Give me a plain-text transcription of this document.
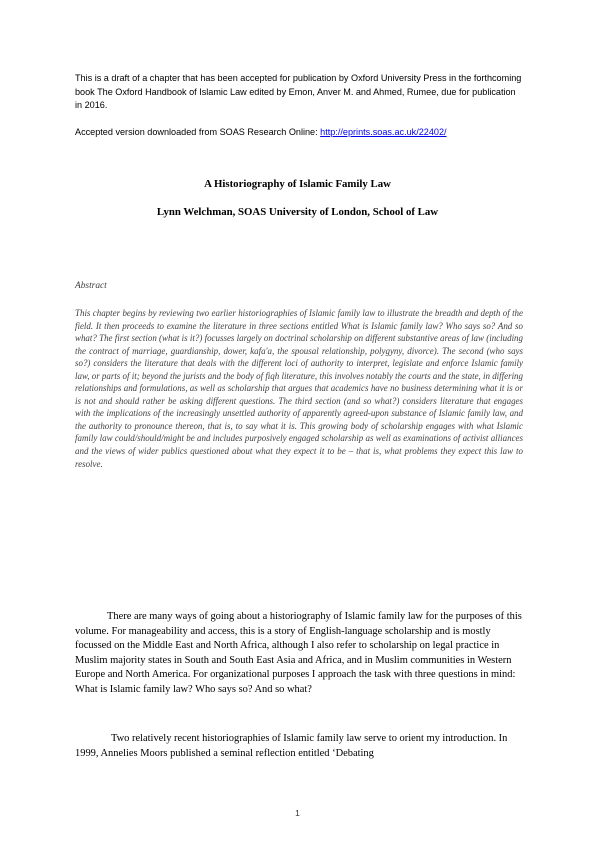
This is a draft of a chapter that has been accepted for publication by Oxford University Press in the forthcoming book The Oxford Handbook of Islamic Law edited by Emon, Anver M. and Ahmed, Rumee, due for publication in 2016.

Accepted version downloaded from SOAS Research Online: http://eprints.soas.ac.uk/22402/

A Historiography of Islamic Family Law
Lynn Welchman, SOAS University of London, School of Law

Abstract

This chapter begins by reviewing two earlier historiographies of Islamic family law to illustrate the breadth and depth of the field. It then proceeds to examine the literature in three sections entitled What is Islamic family law? Who says so? And so what? The first section (what is it?) focusses largely on doctrinal scholarship on different substantive areas of law (including the contract of marriage, guardianship, dower, kafa'a, the spousal relationship, polygyny, divorce). The second (who says so?) considers the literature that deals with the different loci of authority to interpret, legislate and enforce Islamic family law, or parts of it; beyond the jurists and the body of fiqh literature, this involves notably the courts and the state, in differing relationships and formulations, as well as scholarship that argues that academics have no business determining what it is or is not and should rather be asking different questions. The third section (and so what?) considers literature that engages with the implications of the increasingly unsettled authority of apparently agreed-upon substance of Islamic family law, and the authority to pronounce thereon, that is, to say what it is. This growing body of scholarship engages with what Islamic family law could/should/might be and includes purposively engaged scholarship as well as examinations of activist alliances and the views of wider publics questioned about what they expect it to be – that is, what problems they expect this law to resolve.

There are many ways of going about a historiography of Islamic family law for the purposes of this volume. For manageability and access, this is a story of English-language scholarship and is mostly focussed on the Middle East and North Africa, although I also refer to scholarship on legal practice in Muslim majority states in South and South East Asia and Africa, and in Muslim communities in Western Europe and North America. For organizational purposes I approach the task with three questions in mind: What is Islamic family law? Who says so? And so what?

Two relatively recent historiographies of Islamic family law serve to orient my introduction. In 1999, Annelies Moors published a seminal reflection entitled ‘Debating

1
